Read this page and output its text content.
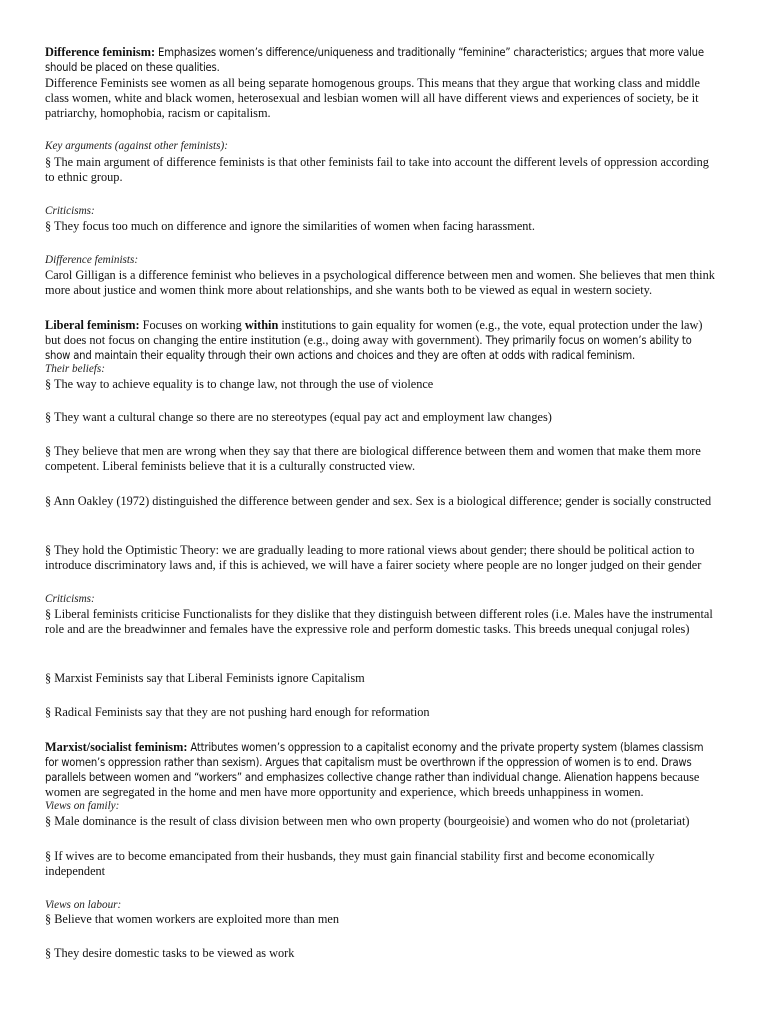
Difference feminism: Emphasizes women’s difference/uniqueness and traditionally “feminine” characteristics; argues that more value should be placed on these qualities.
Difference Feminists see women as all being separate homogenous groups. This means that they argue that working class and middle class women, white and black women, heterosexual and lesbian women will all have different views and experiences of society, be it patriarchy, homophobia, racism or capitalism.
Key arguments (against other feminists):
§ The main argument of difference feminists is that other feminists fail to take into account the different levels of oppression according to ethnic group.
Criticisms:
§ They focus too much on difference and ignore the similarities of women when facing harassment.
Difference feminists:
Carol Gilligan is a difference feminist who believes in a psychological difference between men and women. She believes that men think more about justice and women think more about relationships, and she wants both to be viewed as equal in western society.
Liberal feminism: Focuses on working within institutions to gain equality for women (e.g., the vote, equal protection under the law) but does not focus on changing the entire institution (e.g., doing away with government). They primarily focus on women’s ability to show and maintain their equality through their own actions and choices and they are often at odds with radical feminism.
Their beliefs:
§ The way to achieve equality is to change law, not through the use of violence
§ They want a cultural change so there are no stereotypes (equal pay act and employment law changes)
§ They believe that men are wrong when they say that there are biological difference between them and women that make them more competent. Liberal feminists believe that it is a culturally constructed view.
§ Ann Oakley (1972) distinguished the difference between gender and sex. Sex is a biological difference; gender is socially constructed
§ They hold the Optimistic Theory: we are gradually leading to more rational views about gender; there should be political action to introduce discriminatory laws and, if this is achieved, we will have a fairer society where people are no longer judged on their gender
Criticisms:
§ Liberal feminists criticise Functionalists for they dislike that they distinguish between different roles (i.e. Males have the instrumental role and are the breadwinner and females have the expressive role and perform domestic tasks. This breeds unequal conjugal roles)
§ Marxist Feminists say that Liberal Feminists ignore Capitalism
§ Radical Feminists say that they are not pushing hard enough for reformation
Marxist/socialist feminism: Attributes women’s oppression to a capitalist economy and the private property system (blames classism for women’s oppression rather than sexism). Argues that capitalism must be overthrown if the oppression of women is to end. Draws parallels between women and “workers” and emphasizes collective change rather than individual change. Alienation happens because women are segregated in the home and men have more opportunity and experience, which breeds unhappiness in women.
Views on family:
§ Male dominance is the result of class division between men who own property (bourgeoisie) and women who do not (proletariat)
§ If wives are to become emancipated from their husbands, they must gain financial stability first and become economically independent
Views on labour:
§ Believe that women workers are exploited more than men
§ They desire domestic tasks to be viewed as work
